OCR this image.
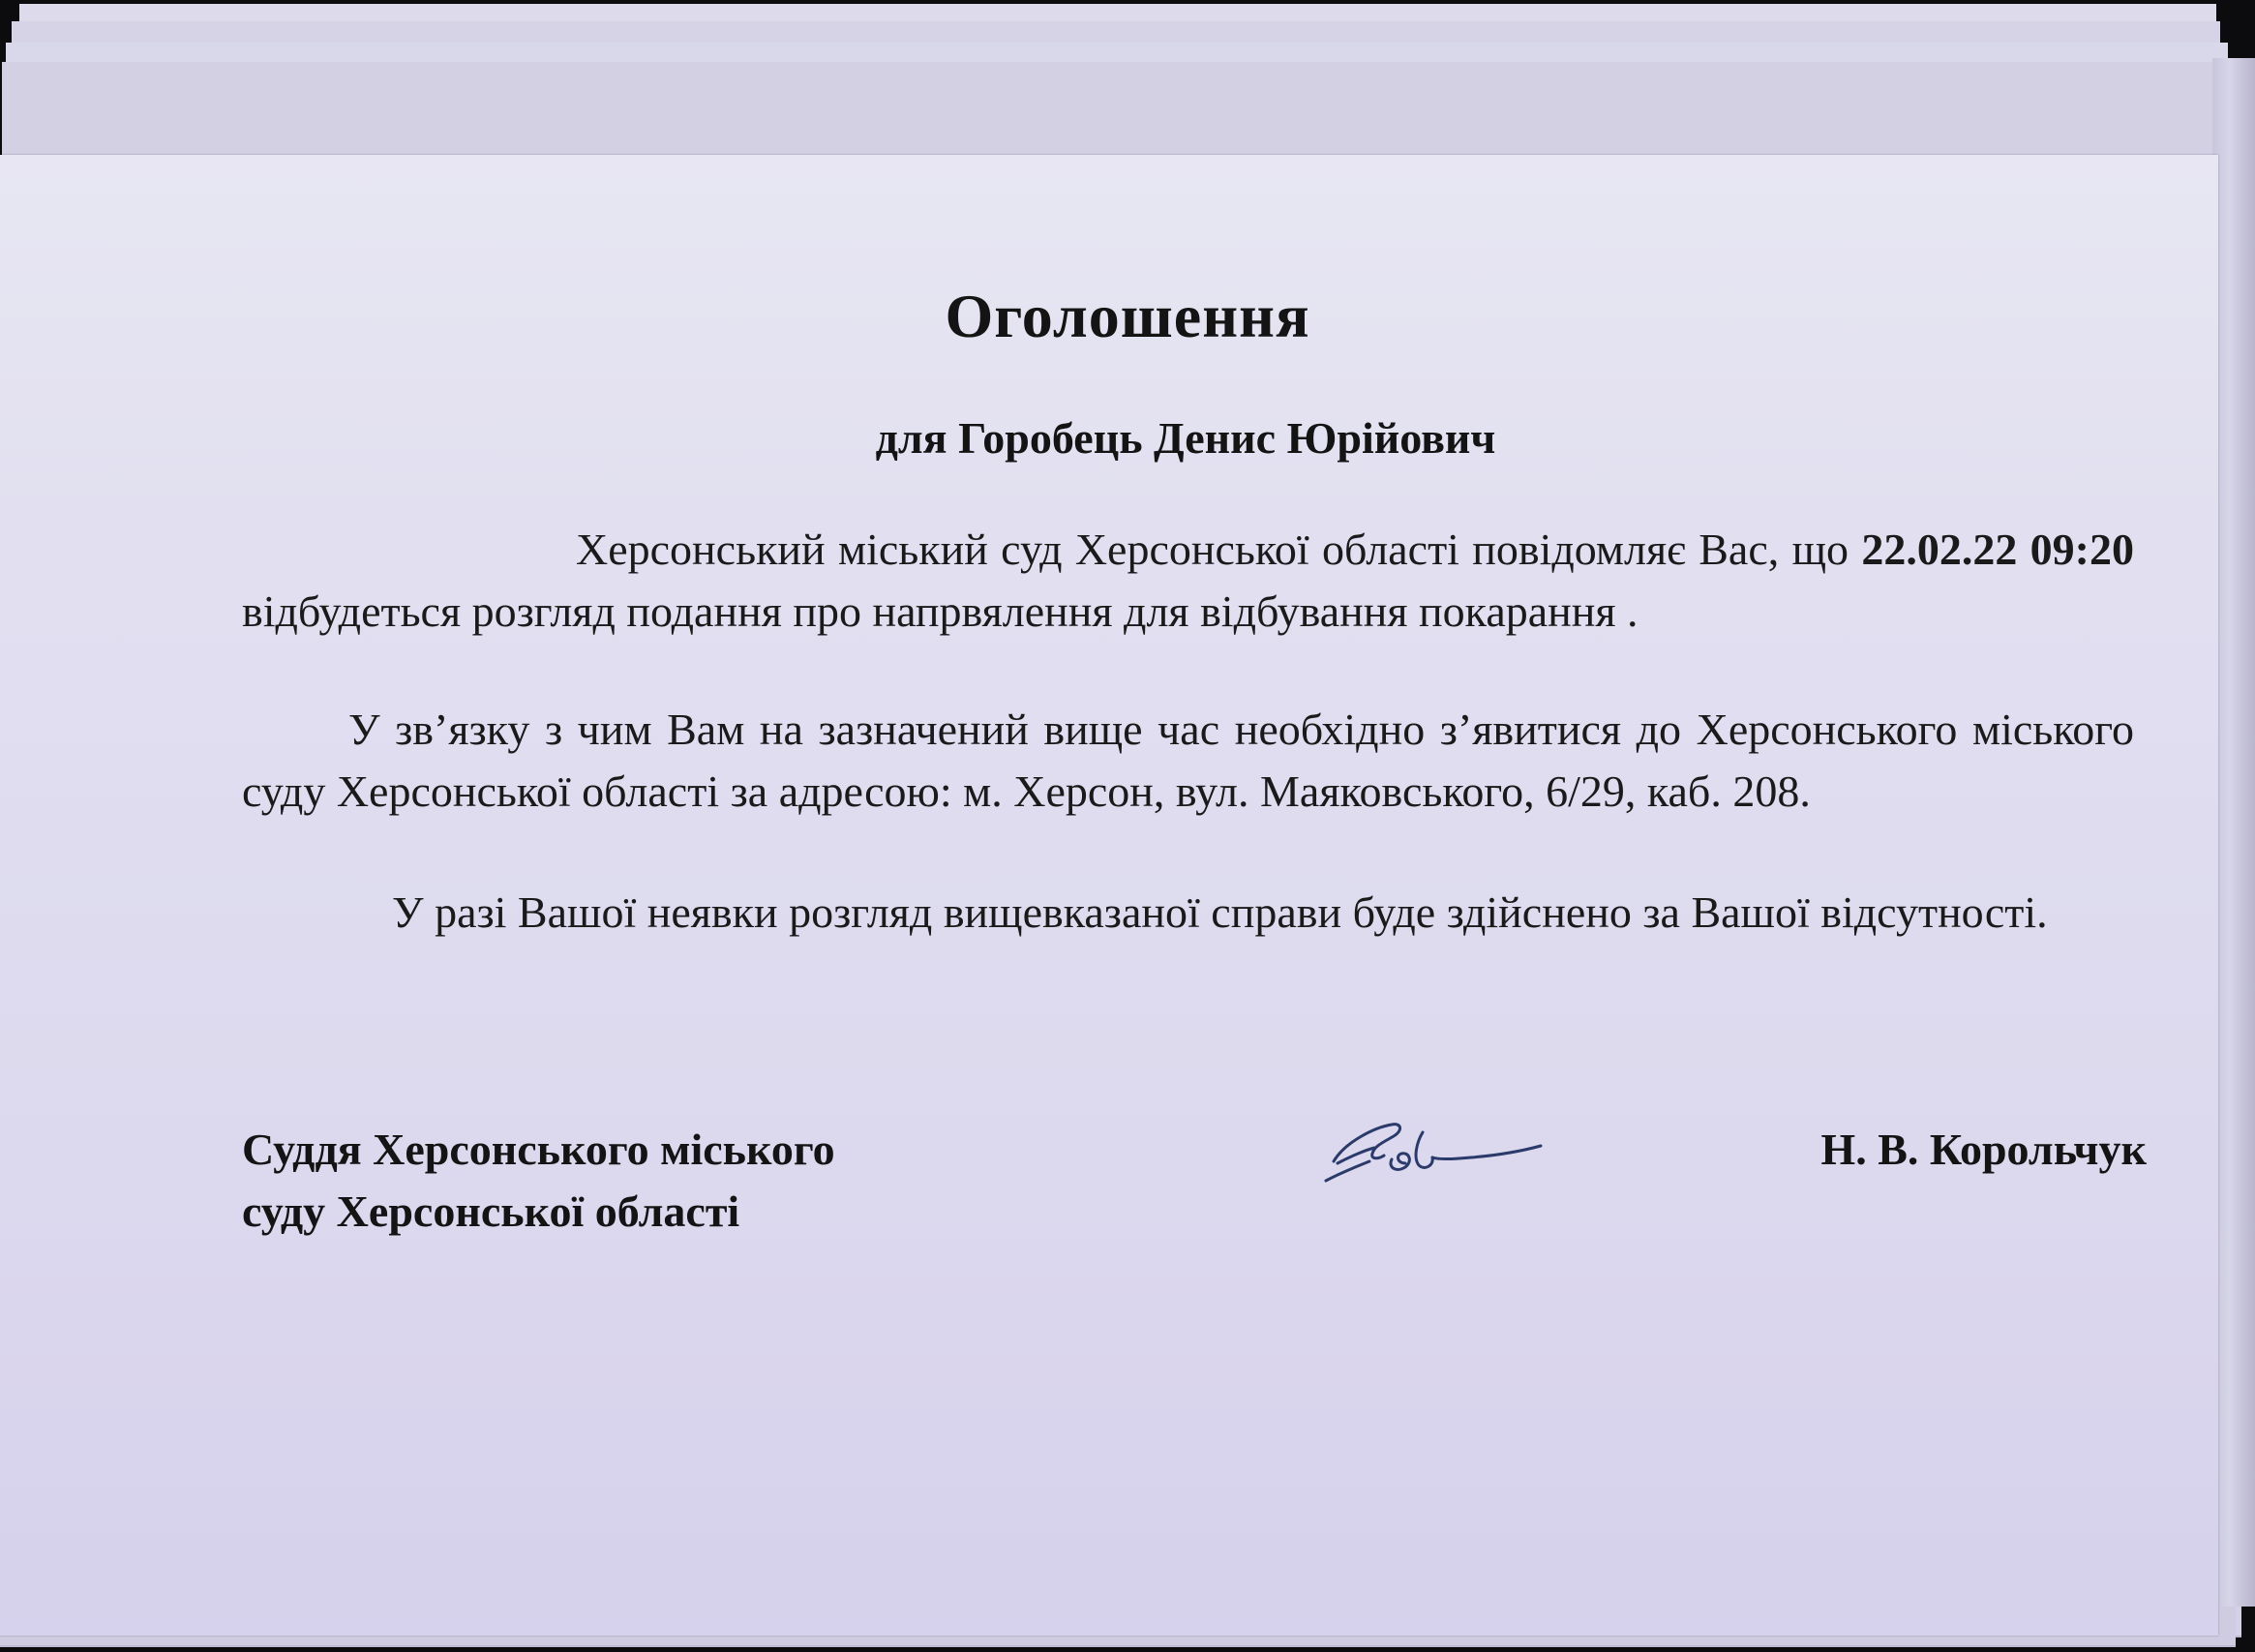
Оголошення
для Горобець Денис Юрійович
Херсонський міський суд Херсонської області повідомляє Вас, що 22.02.22 09:20 відбудеться розгляд подання про напрвялення для відбування покарання .
У зв’язку з чим Вам на зазначений вище час необхідно з’явитися до Херсонського міського суду Херсонської області за адресою: м. Херсон, вул. Маяковського, 6/29, каб. 208.
У разі Вашої неявки розгляд вищевказаної справи буде здійснено за Вашої відсутності.
Суддя Херсонського міського
суду Херсонської області
Н. В. Корольчук
